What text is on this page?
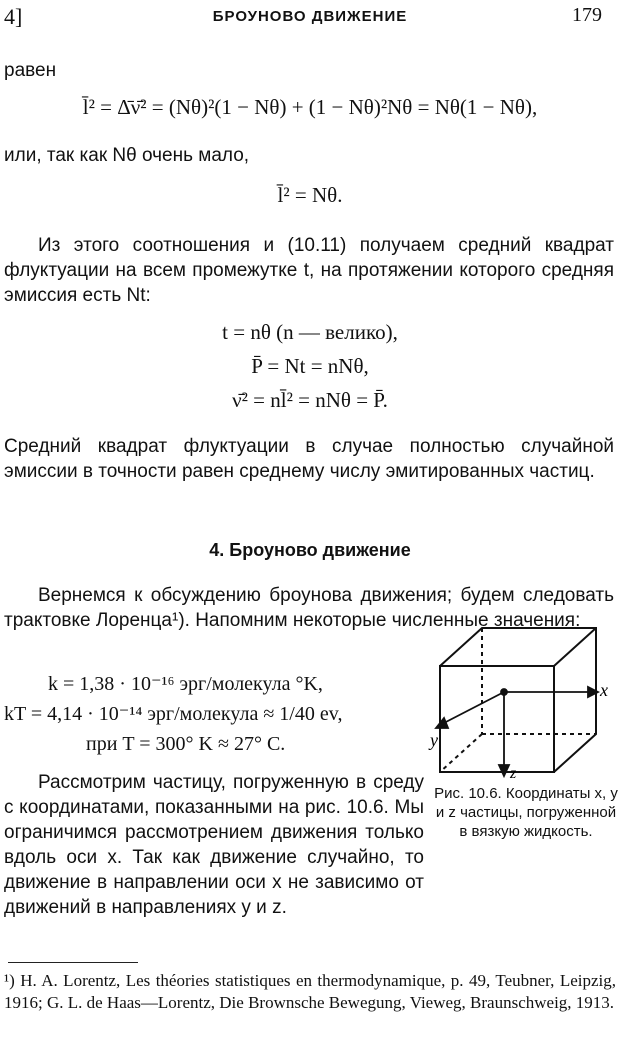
4]	БРОУНОВО ДВИЖЕНИЕ	179
равен
l̄² = Δ̄ν̄² = (Nθ)²(1 − Nθ) + (1 − Nθ)²Nθ = Nθ(1 − Nθ),
или, так как Nθ очень мало,
l̄² = Nθ.
Из этого соотношения и (10.11) получаем средний квадрат флуктуации на всем промежутке t, на протяжении которого средняя эмиссия есть Nt:
t = nθ (n — велико),
P̄ = Nt = nNθ,
ν̄² = nl̄² = nNθ = P̄.
Средний квадрат флуктуации в случае полностью случайной эмиссии в точности равен среднему числу эмитированных частиц.
4. Броуново движение
Вернемся к обсуждению броунова движения; будем следовать трактовке Лоренца¹). Напомним некоторые численные значения:
k = 1,38 · 10⁻¹⁶ эрг/молекула °K,
kT = 4,14 · 10⁻¹⁴ эрг/молекула ≈ 1/40 ev,
при T = 300° K ≈ 27° C.
Рассмотрим частицу, погруженную в среду с координатами, показанными на рис. 10.6. Мы ограничимся рассмотрением движения только вдоль оси x. Так как движение случайно, то движение в направлении оси x не зависимо от движений в направлениях y и z.
x
y
z
Рис. 10.6. Координаты x, y и z частицы, погруженной в вязкую жидкость.
¹) H. A. Lorentz, Les théories statistiques en thermodynamique, p. 49, Teubner, Leipzig, 1916; G. L. de Haas—Lorentz, Die Brownsche Bewegung, Vieweg, Braunschweig, 1913.
